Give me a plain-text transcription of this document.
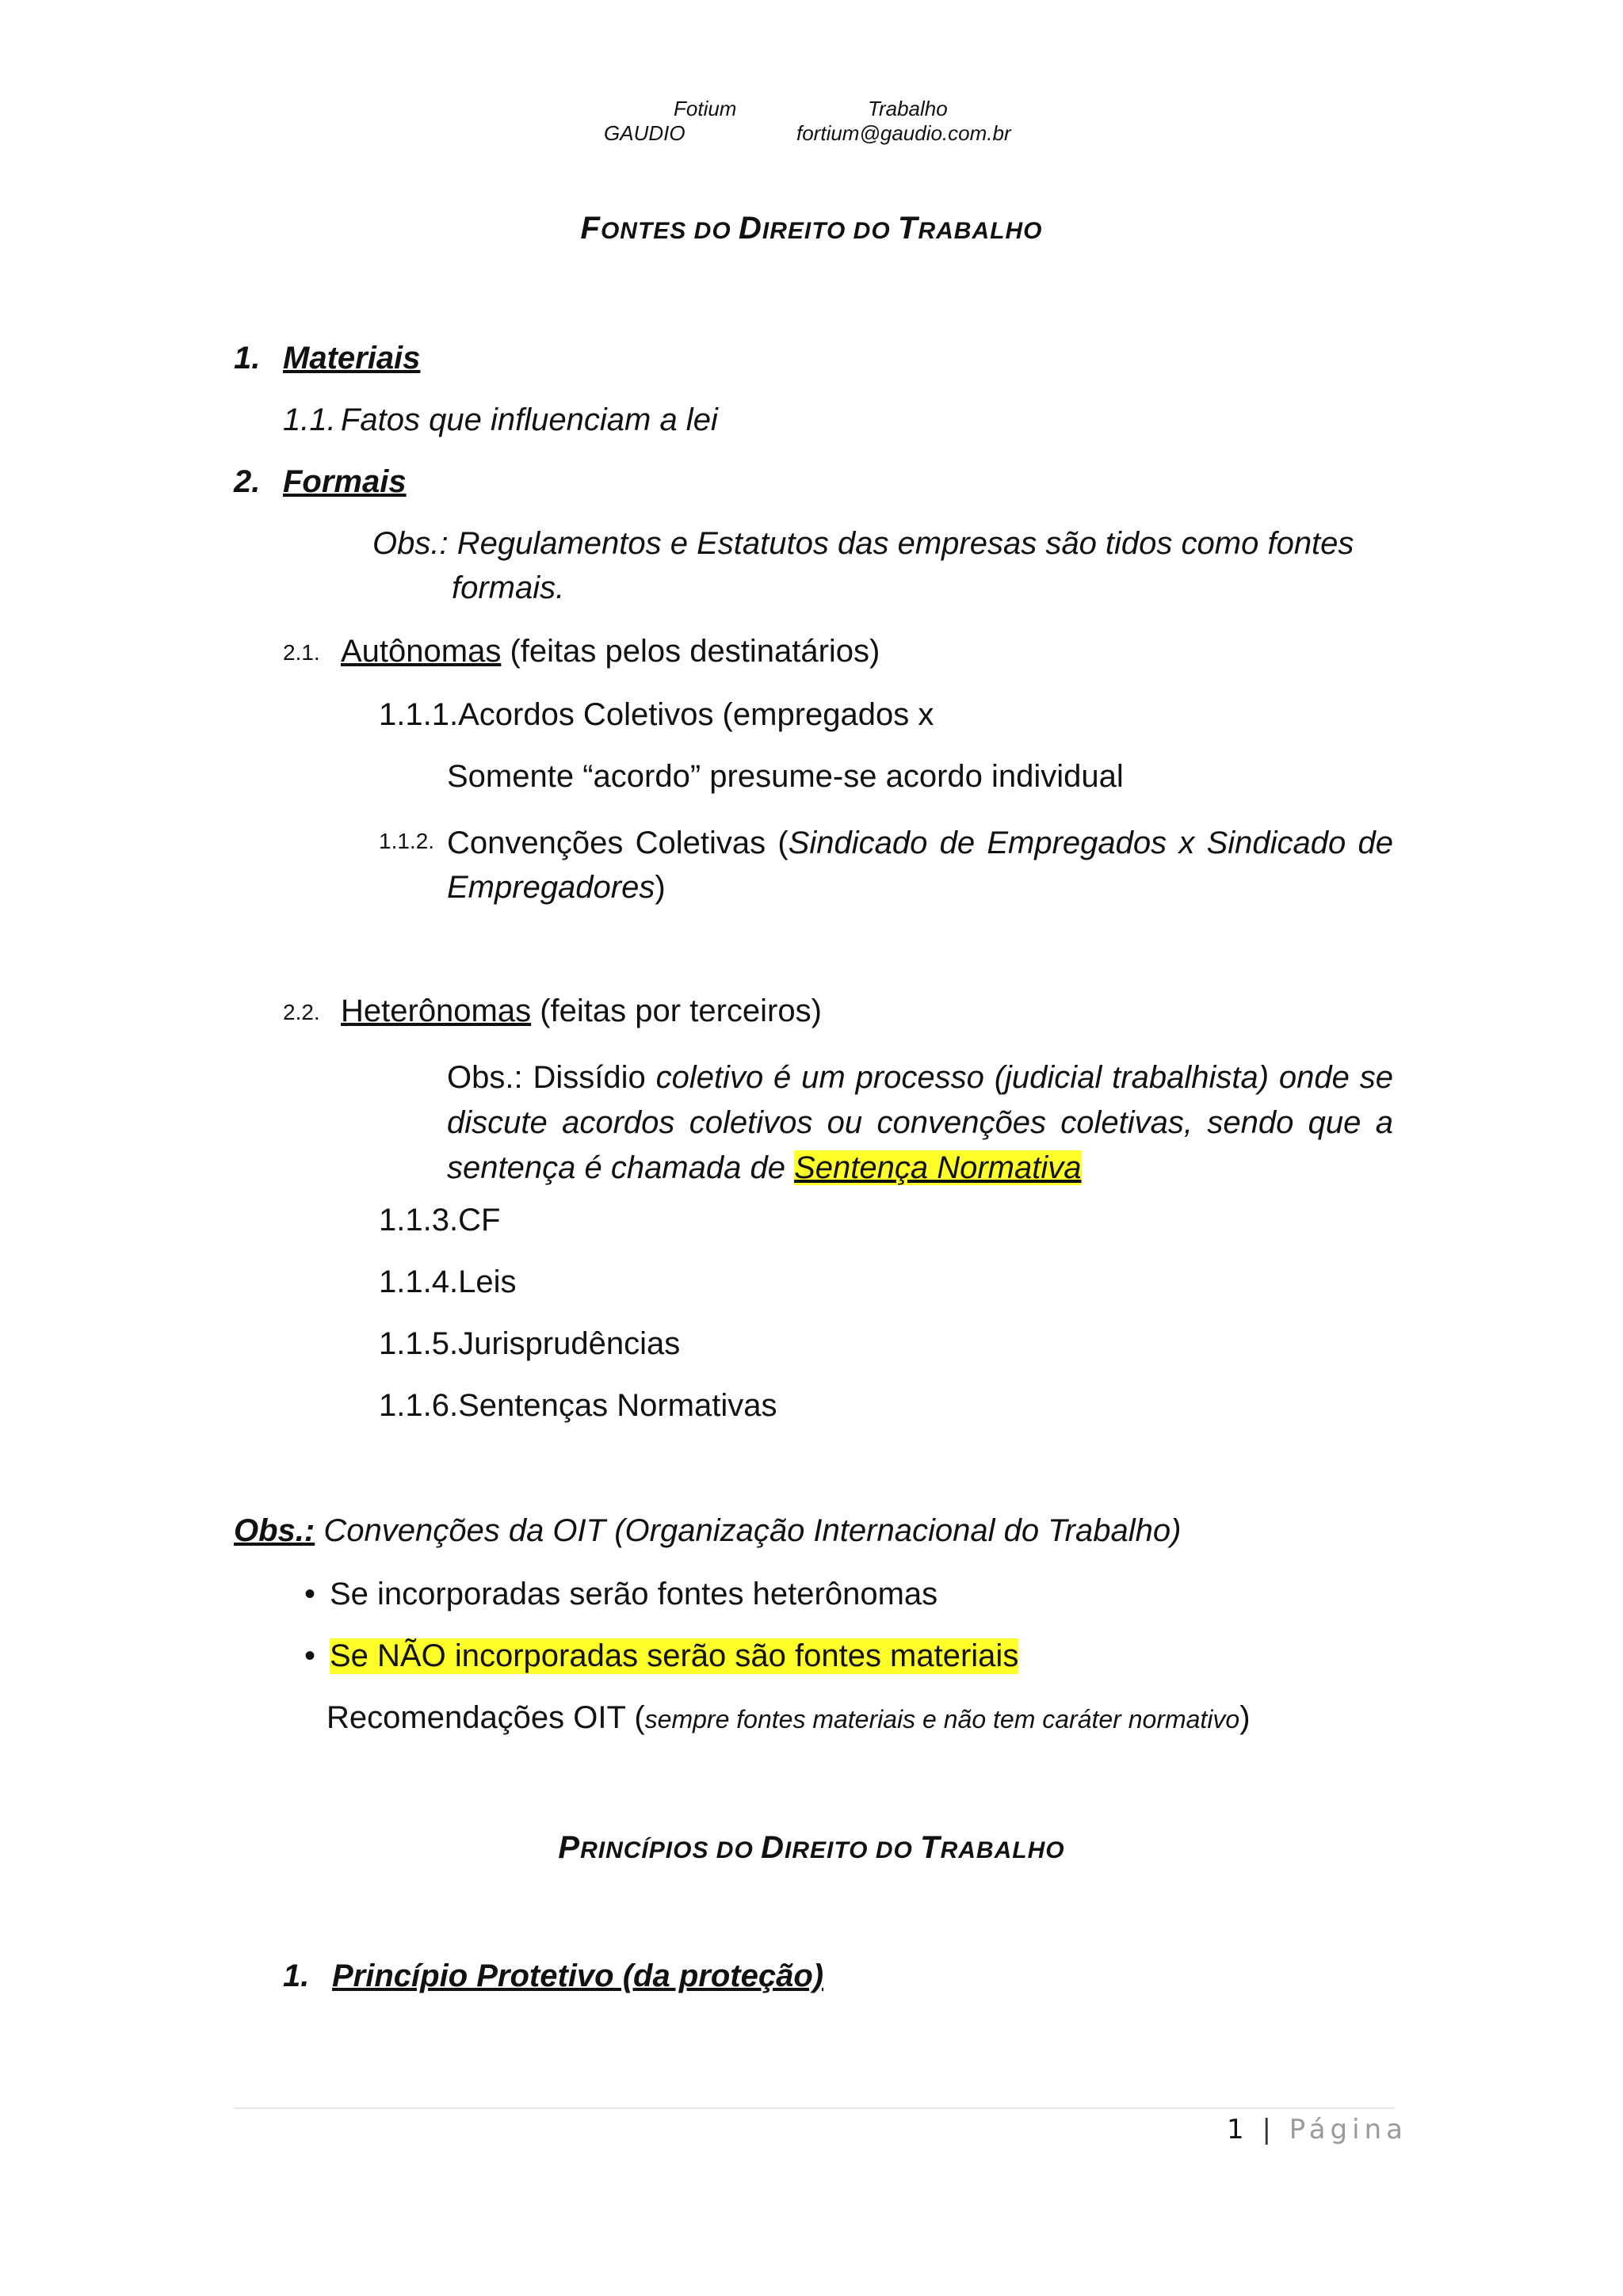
Fotium	Trabalho
GAUDIO	fortium@gaudio.com.br
FONTES DO DIREITO DO TRABALHO
1. Materiais
1.1. Fatos que influenciam a lei
2. Formais
Obs.: Regulamentos e Estatutos das empresas são tidos como fontes
formais.
2.1. Autônomas (feitas pelos destinatários)
1.1.1.Acordos Coletivos (empregados x
Somente “acordo” presume-se acordo individual
1.1.2. Convenções Coletivas (Sindicado de Empregados x Sindicado de Empregadores)
2.2. Heterônomas (feitas por terceiros)
Obs.: Dissídio coletivo é um processo (judicial trabalhista) onde se discute acordos coletivos ou convenções coletivas, sendo que a sentença é chamada de Sentença Normativa
1.1.3.CF
1.1.4.Leis
1.1.5.Jurisprudências
1.1.6.Sentenças Normativas
Obs.: Convenções da OIT (Organização Internacional do Trabalho)
• Se incorporadas serão fontes heterônomas
• Se NÃO incorporadas serão são fontes materiais
Recomendações OIT (sempre fontes materiais e não tem caráter normativo)
PRINCÍPIOS DO DIREITO DO TRABALHO
1. Princípio Protetivo (da proteção)
1 | Página
